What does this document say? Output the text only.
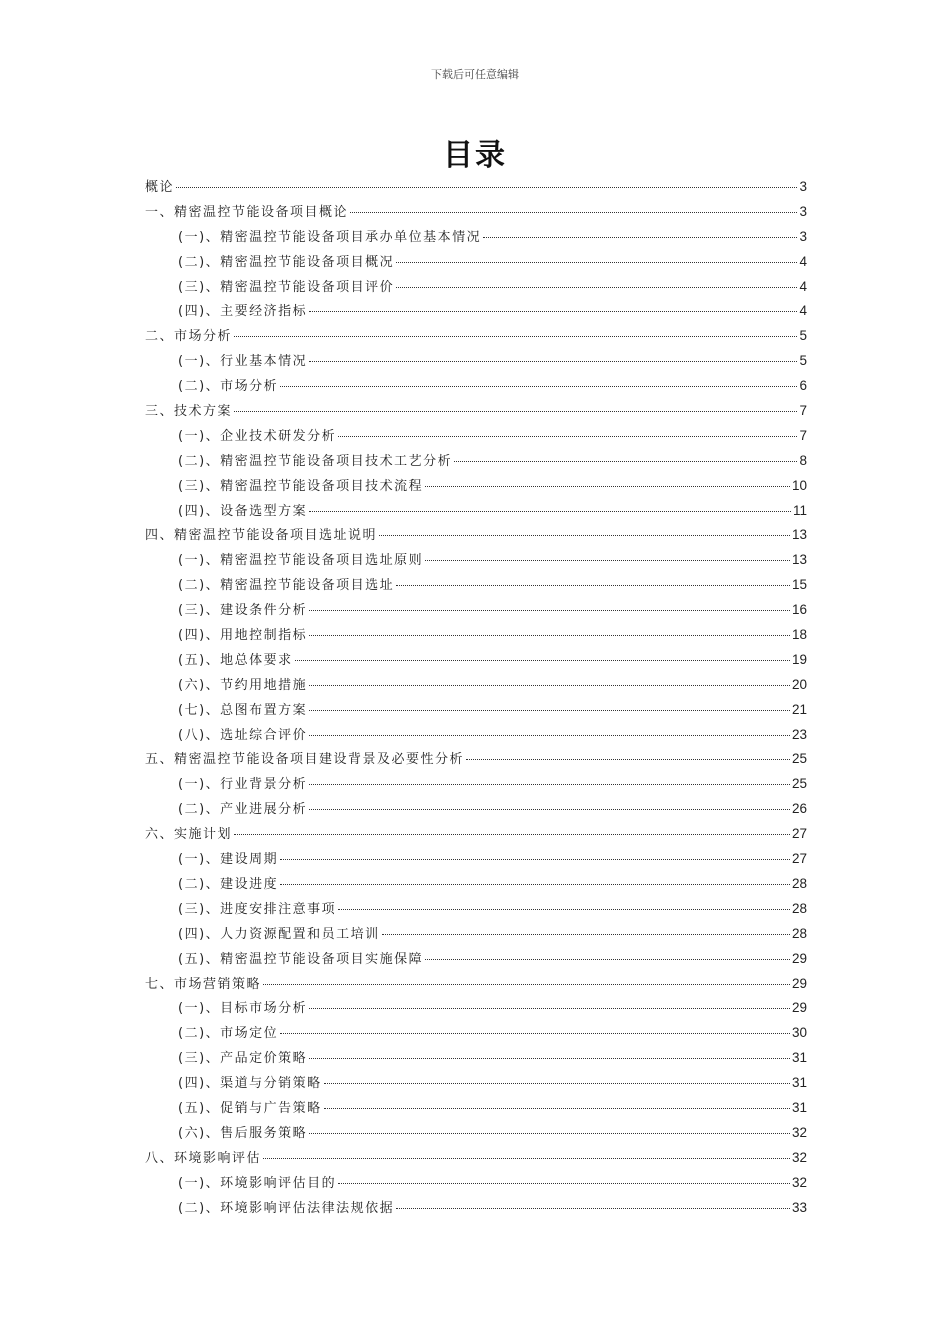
下载后可任意编辑
目录
概论	3
一、精密温控节能设备项目概论	3
(一)、精密温控节能设备项目承办单位基本情况	3
(二)、精密温控节能设备项目概况	4
(三)、精密温控节能设备项目评价	4
(四)、主要经济指标	4
二、市场分析	5
(一)、行业基本情况	5
(二)、市场分析	6
三、技术方案	7
(一)、企业技术研发分析	7
(二)、精密温控节能设备项目技术工艺分析	8
(三)、精密温控节能设备项目技术流程	10
(四)、设备选型方案	11
四、精密温控节能设备项目选址说明	13
(一)、精密温控节能设备项目选址原则	13
(二)、精密温控节能设备项目选址	15
(三)、建设条件分析	16
(四)、用地控制指标	18
(五)、地总体要求	19
(六)、节约用地措施	20
(七)、总图布置方案	21
(八)、选址综合评价	23
五、精密温控节能设备项目建设背景及必要性分析	25
(一)、行业背景分析	25
(二)、产业进展分析	26
六、实施计划	27
(一)、建设周期	27
(二)、建设进度	28
(三)、进度安排注意事项	28
(四)、人力资源配置和员工培训	28
(五)、精密温控节能设备项目实施保障	29
七、市场营销策略	29
(一)、目标市场分析	29
(二)、市场定位	30
(三)、产品定价策略	31
(四)、渠道与分销策略	31
(五)、促销与广告策略	31
(六)、售后服务策略	32
八、环境影响评估	32
(一)、环境影响评估目的	32
(二)、环境影响评估法律法规依据	33
